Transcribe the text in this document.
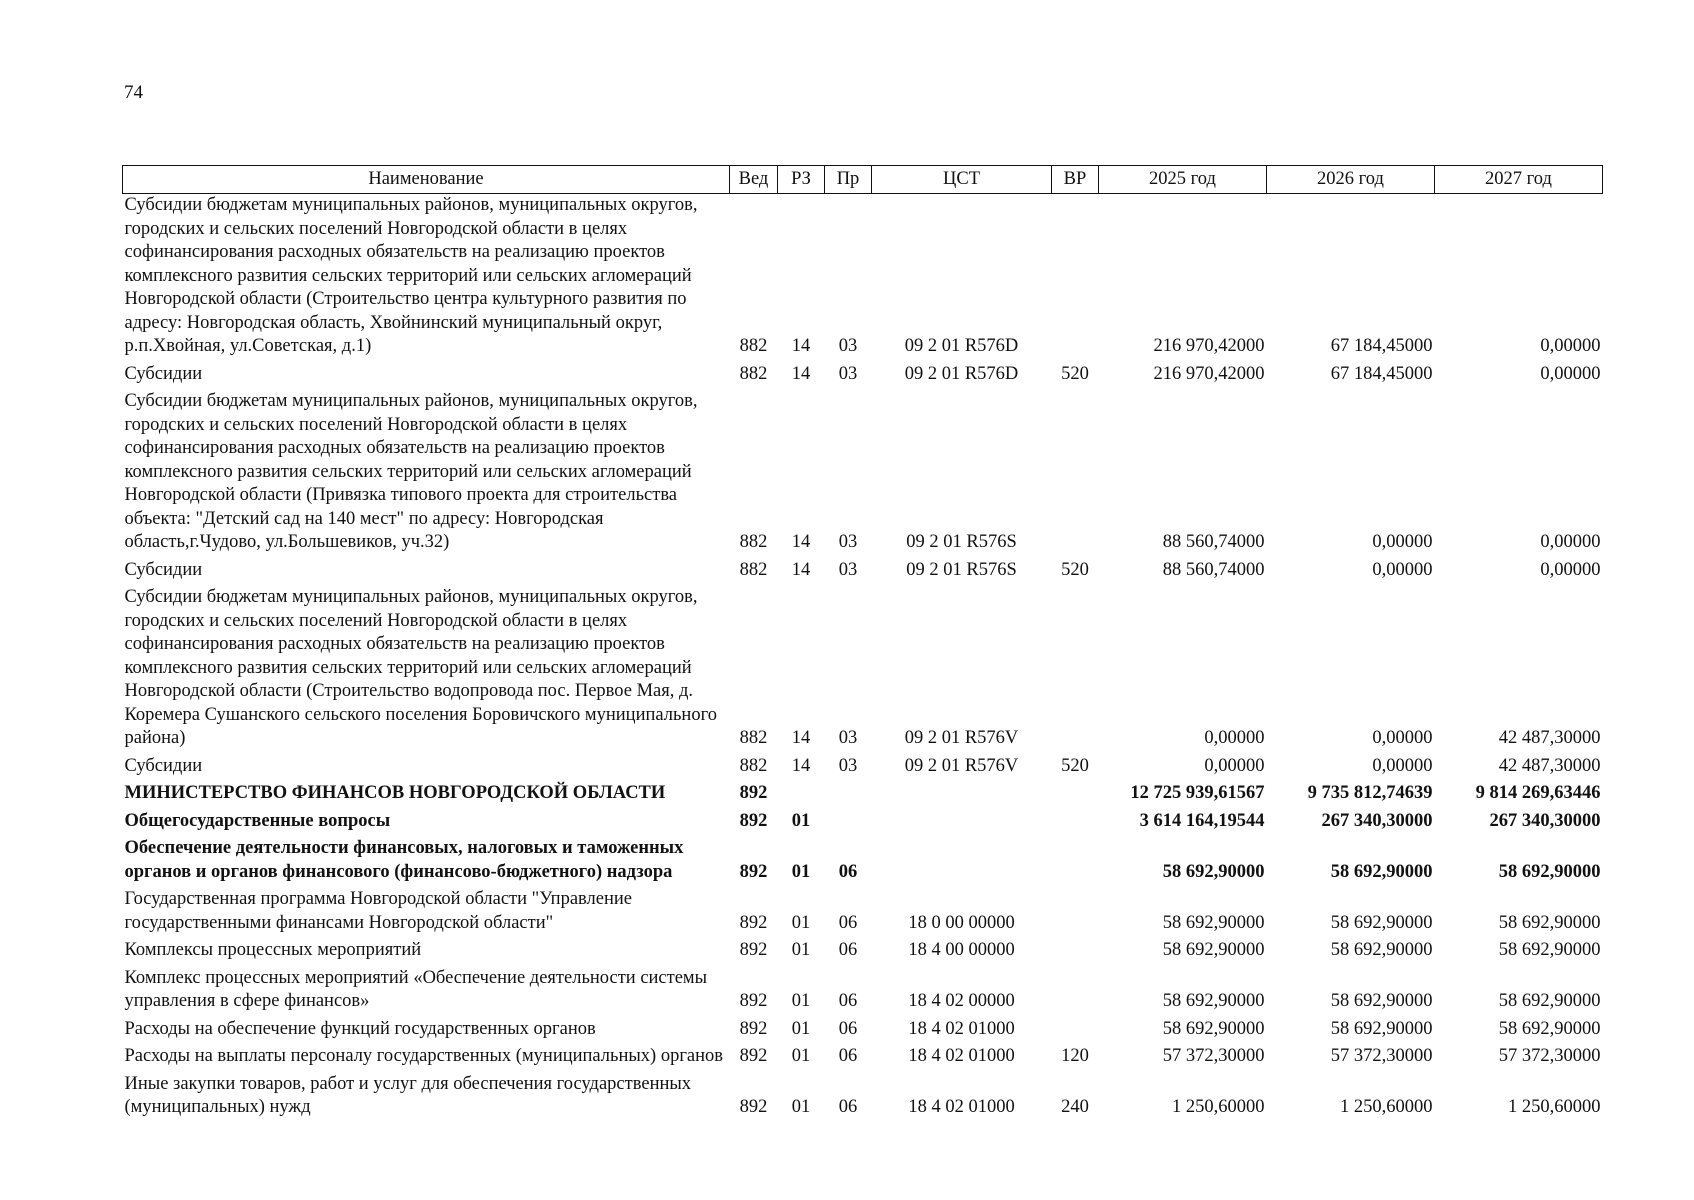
74
Наименование	Вед	РЗ	Пр	ЦСТ	ВР	2025 год	2026 год	2027 год
Субсидии бюджетам муниципальных районов, муниципальных округов, городских и сельских поселений Новгородской области в целях софинансирования расходных обязательств на реализацию проектов комплексного развития сельских территорий или сельских агломераций Новгородской области (Строительство центра культурного развития по адресу: Новгородская область, Хвойнинский муниципальный округ, р.п.Хвойная, ул.Советская, д.1)	882	14	03	09 2 01 R576D		216 970,42000	67 184,45000	0,00000
Субсидии	882	14	03	09 2 01 R576D	520	216 970,42000	67 184,45000	0,00000
Субсидии бюджетам муниципальных районов, муниципальных округов, городских и сельских поселений Новгородской области в целях софинансирования расходных обязательств на реализацию проектов комплексного развития сельских территорий или сельских агломераций Новгородской области (Привязка типового проекта для строительства объекта: "Детский сад на 140 мест" по адресу: Новгородская область,г.Чудово, ул.Большевиков, уч.32)	882	14	03	09 2 01 R576S		88 560,74000	0,00000	0,00000
Субсидии	882	14	03	09 2 01 R576S	520	88 560,74000	0,00000	0,00000
Субсидии бюджетам муниципальных районов, муниципальных округов, городских и сельских поселений Новгородской области в целях софинансирования расходных обязательств на реализацию проектов комплексного развития сельских территорий или сельских агломераций Новгородской области (Строительство водопровода пос. Первое Мая, д. Коремера Сушанского сельского поселения Боровичского муниципального района)	882	14	03	09 2 01 R576V		0,00000	0,00000	42 487,30000
Субсидии	882	14	03	09 2 01 R576V	520	0,00000	0,00000	42 487,30000
МИНИСТЕРСТВО ФИНАНСОВ НОВГОРОДСКОЙ ОБЛАСТИ	892					12 725 939,61567	9 735 812,74639	9 814 269,63446
Общегосударственные вопросы	892	01				3 614 164,19544	267 340,30000	267 340,30000
Обеспечение деятельности финансовых, налоговых и таможенных органов и органов финансового (финансово-бюджетного) надзора	892	01	06			58 692,90000	58 692,90000	58 692,90000
Государственная программа Новгородской области "Управление государственными финансами Новгородской области"	892	01	06	18 0 00 00000		58 692,90000	58 692,90000	58 692,90000
Комплексы процессных мероприятий	892	01	06	18 4 00 00000		58 692,90000	58 692,90000	58 692,90000
Комплекс процессных мероприятий «Обеспечение деятельности системы управления в сфере финансов»	892	01	06	18 4 02 00000		58 692,90000	58 692,90000	58 692,90000
Расходы на обеспечение функций государственных органов	892	01	06	18 4 02 01000		58 692,90000	58 692,90000	58 692,90000
Расходы на выплаты персоналу государственных (муниципальных) органов	892	01	06	18 4 02 01000	120	57 372,30000	57 372,30000	57 372,30000
Иные закупки товаров, работ и услуг для обеспечения государственных (муниципальных) нужд	892	01	06	18 4 02 01000	240	1 250,60000	1 250,60000	1 250,60000
